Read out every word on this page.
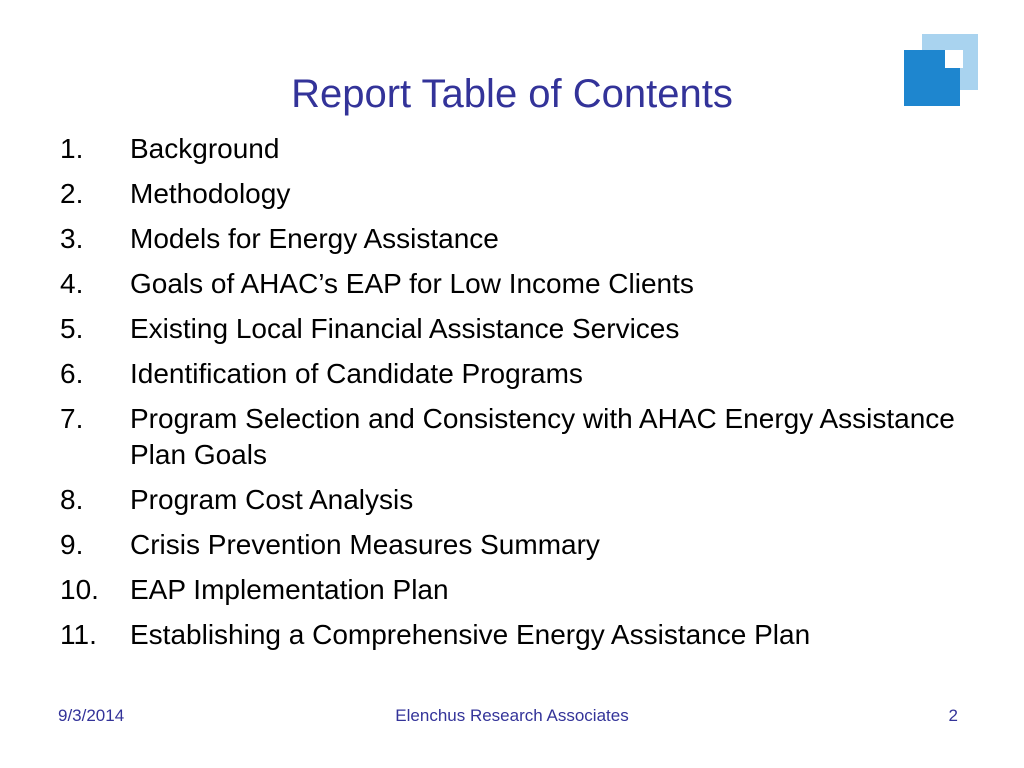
Report Table of Contents
1.	Background
2.	Methodology
3.	Models for Energy Assistance
4.	Goals of AHAC’s EAP for Low Income Clients
5.	Existing Local Financial Assistance Services
6.	Identification of Candidate Programs
7.	Program Selection and Consistency with AHAC Energy Assistance Plan Goals
8.	Program Cost Analysis
9.	Crisis Prevention Measures Summary
10.	EAP Implementation Plan
11.	Establishing a Comprehensive Energy Assistance Plan
9/3/2014	Elenchus Research Associates	2
